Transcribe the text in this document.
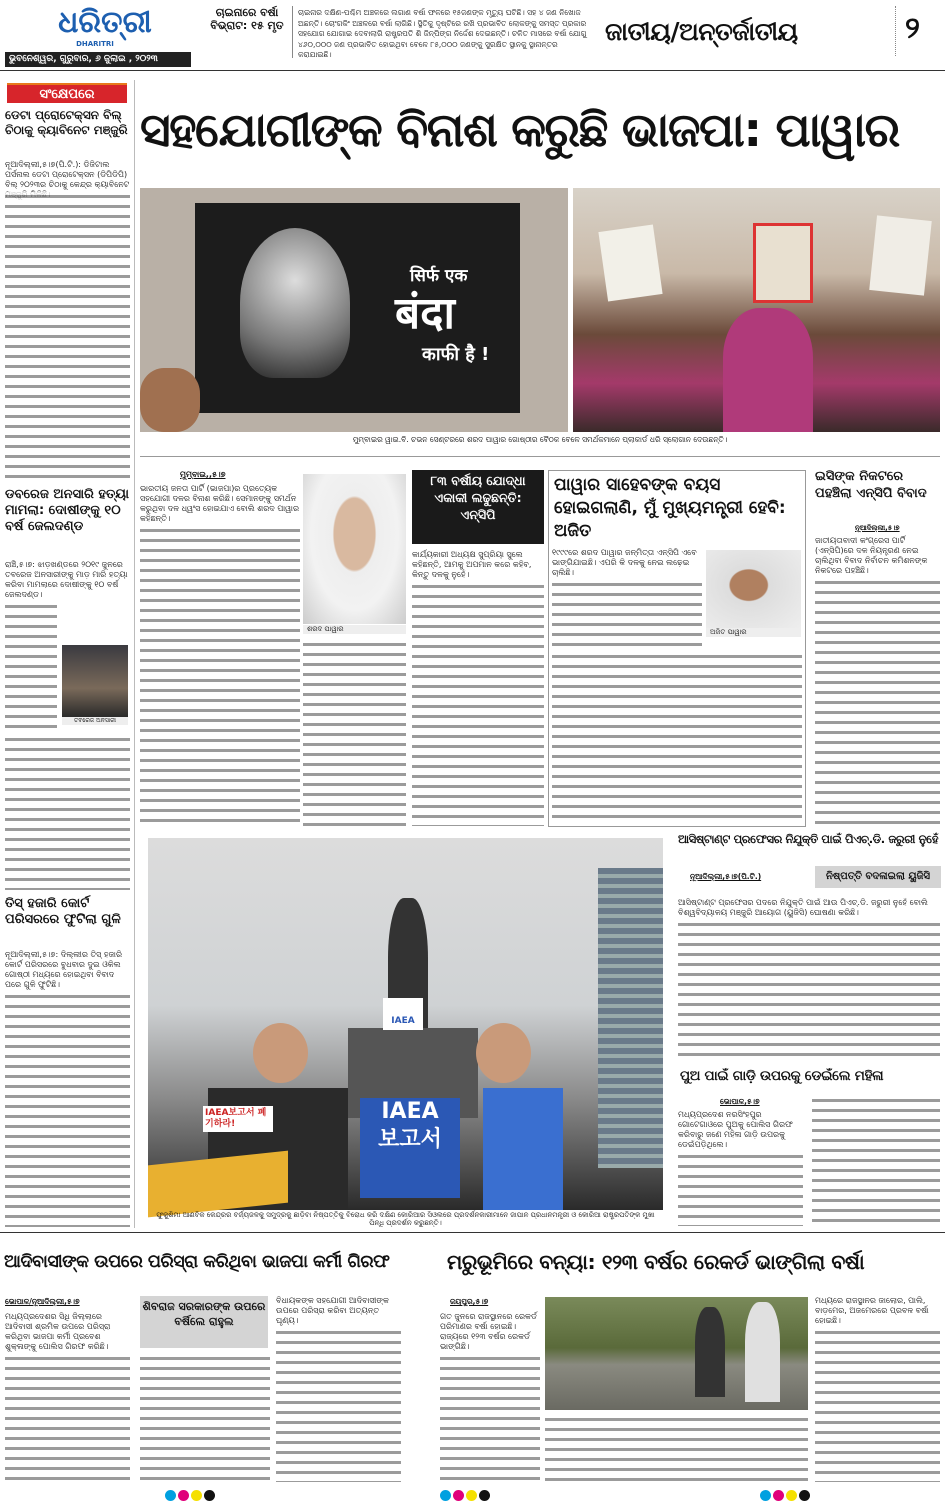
ଧରିତ୍ରୀ
DHARITRI
ଭୁବନେଶ୍ୱର, ଗୁରୁବାର, ୬ ଜୁଲାଇ , ୨୦୨୩
ଚାଇନାରେ ବର୍ଷା ବିଭ୍ରାଟ: ୧୫ ମୃତ
ଚାଇନାର ଦକ୍ଷିଣ-ପଶ୍ଚିମ ଅଞ୍ଚଳରେ ଲଗାଣ ବର୍ଷା ଫଳରେ ୧୫ଜଣଙ୍କ ମୃତ୍ୟୁ ଘଟିଛି। ସହ ୪ ଜଣ ନିଖୋଜ ଅଛନ୍ତି। ଚୋଂଗକିଂ ଅଞ୍ଚଳରେ ବର୍ଷା ଲାଗିଛି। ସ୍ଥିତିକୁ ଦୃଷ୍ଟିରେ ରଖି ପ୍ରଭାବିତ ଲୋକଙ୍କୁ ସମସ୍ତ ପ୍ରକାର ସହଯୋଗ ଯୋଗାଇ ଦେବାଲାଗି ରାଷ୍ଟ୍ରପତି ଶି ଜିନ୍‌ପିଙ୍ଗ ନିର୍ଦ୍ଦେଶ ଦେଇଛନ୍ତି। ଚଳିତ ମାସରେ ବର୍ଷା ଯୋଗୁ ୪୬୦,୦୦୦ ଜଣ ପ୍ରଭାବିତ ହୋଇଥିବା ବେଳେ ୮୫,୦୦୦ ଜଣଙ୍କୁ ସୁରକ୍ଷିତ ସ୍ଥାନକୁ ସ୍ଥାନାନ୍ତର କରାଯାଇଛି।
ଜାତୀୟ/ଅନ୍ତର୍ଜାତୀୟ	୨
ସଂକ୍ଷେପରେ
ଡେଟା ପ୍ରୋଟେକ୍ସନ ବିଲ୍‌ ଚିଠାକୁ କ୍ୟାବିନେଟ ମଞ୍ଜୁରି
ନୂଆଦିଲ୍ଲୀ,୫।୭(ପି.ଟି.): ଡିଜିଟାଲ ପର୍ସନାଲ ଡେଟା ପ୍ରୋଟେକ୍ସନ (ଡିପିଡିପି) ବିଲ୍‌ ୨୦୨୩ର ଚିଠାକୁ କେନ୍ଦ୍ର କ୍ୟାବିନେଟ
ଡବରେଜ ଅନସାରି ହତ୍ୟା ମାମଲା: ଦୋଷୀଙ୍କୁ ୧୦ ବର୍ଷ ଜେଲଦଣ୍ଡ
ରାଞ୍ଚି,୫।୭: ଝାଡ଼ଖଣ୍ଡରେ ୨୦୧୯ ଜୁନରେ ତବରେଜ ଅନସାରୀଙ୍କୁ ମାଡ଼ ମାରି ହତ୍ୟା କରିବା ମାମଲାରେ ଦୋଷୀଙ୍କୁ ୧୦ ବର୍ଷ ଜେଲଦଣ୍ଡ।
ତବରେଜ ଅନସାରୀ
ତିସ୍ ହଜାରି କୋର୍ଟ ପରିସରରେ ଫୁଟିଲା ଗୁଳି
ନୂଆଦିଲ୍ଲୀ,୫।୭: ଦିଲ୍ଲୀର ତିସ୍ ହଜାରି କୋର୍ଟ ପରିସରରେ ବୁଧବାର ଦୁଇ ଓକିଲ ଗୋଷ୍ଠୀ ମଧ୍ୟରେ ହୋଇଥିବା ବିବାଦ ପରେ ଗୁଳି ଫୁଟିଛି।
ସହଯୋଗୀଙ୍କ ବିନାଶ କରୁଛି ଭାଜପା: ପାୱାର
सिर्फ एक
बंदा
काफी है !
ମୁମ୍ବାଇର ୱାଇ.ବି. ଚଭନ ସେଣ୍ଟରରେ ଶରଦ ପାୱାର ଗୋଷ୍ଠୀର ବୈଠକ ବେଳେ ସମର୍ଥକମାନେ ପ୍ଲାକାର୍ଡ ଧରି ସ୍ଲୋଗାନ ଦେଉଛନ୍ତି।
ମୁମ୍ବାଇ,,୫।୭
ଭାରତୀୟ ଜନତା ପାର୍ଟି (ଭାଜପା)ର ପ୍ରତ୍ୟେକ ସହଯୋଗୀ ଦଳର ବିନାଶ କରିଛି। ସେମାନଙ୍କୁ ସମର୍ଥନ କରୁଥିବା ଦଳ ଧ୍ୱଂସ ହୋଇଯାଏ ବୋଲି ଶରଦ ପାୱାର କହିଛନ୍ତି।
ଶରଦ ପାୱାର
୮୩ ବର୍ଷୀୟ ଯୋଦ୍ଧା ଏକାକୀ ଲଢୁଛନ୍ତି: ଏନ୍‌ସିପି
କାର୍ଯ୍ୟକାରୀ ଅଧ୍ୟକ୍ଷ ସୁପ୍ରିୟା ସୁଲେ କହିଛନ୍ତି, ଆମକୁ ଅପମାନ କରେ କହିବ, କିନ୍ତୁ ଦଳକୁ ନୁହେଁ।
ପାୱାର ସାହେବଙ୍କ ବୟସ ହୋଇଗଲାଣି, ମୁଁ ମୁଖ୍ୟମନ୍ତ୍ରୀ ହେବି: ଅଜିତ
୧୯୯୯ରେ ଶରଦ ପାୱାର ଜନ୍ମିତ୍ତା ଏନ୍‌ସିପି ଏବେ ଭାଙ୍ଗିଯାଇଛି। ଏପରି କି ଦଳକୁ ନେଇ ଲଢ଼େଇ ଚାଲିଛି।
ଅଜିତ ପାୱାର
ଇସିଙ୍କ ନିକଟରେ ପହଞ୍ଚିଲା ଏନ୍‌ସିପି ବିବାଦ
ନୂଆଦିଲ୍ଲୀ,୫।୭
ଜାତୀୟତାବାଦୀ କଂଗ୍ରେସ ପାର୍ଟି (ଏନ୍‌ସିପି)ରେ ଦଳ ନିୟନ୍ତ୍ରଣ ନେଇ ଚାଲିଥିବା ବିବାଦ ନିର୍ବାଚନ କମିଶନଙ୍କ ନିକଟରେ ପହଞ୍ଚିଛି।
IAEA
보고서
IAEA보고서 폐기하라!
IAEA
ଫୁକୁଶିମା ଆଣବିକ କେନ୍ଦ୍ରର ବର୍ଜ୍ୟଜଳକୁ ସମୁଦ୍ରକୁ ଛାଡ଼ିବା ନିଷ୍ପତ୍ତିକୁ ବିରୋଧ କରି ଦକ୍ଷିଣ କୋରିଆର ସିଓଲରେ ପ୍ରଦର୍ଶନକାରୀମାନେ ଜାପାନ ପ୍ରଧାନମନ୍ତ୍ରୀ ଓ କୋରିଆ ରାଷ୍ଟ୍ରପତିଙ୍କ ମୁଖା ପିନ୍ଧି ପ୍ରଦର୍ଶନ କରୁଛନ୍ତି।
ଆସିଷ୍ଟାଣ୍ଟ ପ୍ରଫେସର ନିଯୁକ୍ତି ପାଇଁ ପିଏଚ୍‌.ଡି. ଜରୁରୀ ନୁହେଁ
ନୂଆଦିଲ୍ଲୀ,୫।୭(ପି.ଟି.)	ନିଷ୍ପତ୍ତି ବଦଳାଇଲା ୟୁଜିସି
ଆସିଷ୍ଟାଣ୍ଟ ପ୍ରଫେସର ପଦରେ ନିଯୁକ୍ତି ପାଇଁ ଆଉ ପିଏଚ୍‌.ଡି. ଜରୁରୀ ନୁହେଁ ବୋଲି ବିଶ୍ୱବିଦ୍ୟାଳୟ ମଞ୍ଜୁରି ଆୟୋଗ (ୟୁଜିସି) ଘୋଷଣା କରିଛି।
ପୁଅ ପାଇଁ ଗାଡ଼ି ଉପରକୁ ଡେଇଁଲେ ମହିଳା
ଭୋପାଳ,୫।୭
ମଧ୍ୟପ୍ରଦେଶ ନରସିଂହପୁର ଗୋଟେଗାଓରେ ପୁଅକୁ ପୋଲିସ ଗିରଫ କରିବାରୁ ଜଣେ ମହିଳା ଗାଡ଼ି ଉପରକୁ ଡେଇଁପଡ଼ିଥିଲେ।
ଆଦିବାସୀଙ୍କ ଉପରେ ପରିସ୍ରା କରିଥିବା ଭାଜପା କର୍ମୀ ଗିରଫ	ମରୁଭୂମିରେ ବନ୍ୟା: ୧୨୩ ବର୍ଷର ରେକର୍ଡ ଭାଙ୍ଗିଲା ବର୍ଷା
ଭୋପାଳ/ନୂଆଦିଲ୍ଲୀ,୫।୭
ମଧ୍ୟପ୍ରଦେଶର ସିଧି ଜିଲ୍ଲାରେ ଆଦିବାସୀ ଶ୍ରମିକ ଉପରେ ପରିସ୍ରା କରିଥିବା ଭାଜପା କର୍ମୀ ପ୍ରବେଶ ଶୁକ୍ଳାଙ୍କୁ ପୋଲିସ ଗିରଫ କରିଛି।
ଶିବରାଜ ସରକାରଙ୍କ ଉପରେ ବର୍ଷିଲେ ରାହୁଲ
ବିଧାୟକଙ୍କ ସହଯୋଗୀ ଆଦିବାସୀଙ୍କ ଉପରେ ପରିସ୍ରା କରିବା ଅତ୍ୟନ୍ତ ଘୃଣ୍ୟ।
ଜୟପୁର,୫।୭
ଗତ ଜୁନରେ ରାଜସ୍ଥାନରେ ରେକର୍ଡ ପରିମାଣର ବର୍ଷା ହୋଇଛି। ରାଜ୍ୟରେ ୧୨୩ ବର୍ଷର ରେକର୍ଡ ଭାଙ୍ଗିଛି।
ମଧ୍ୟରେ ରାଜସ୍ଥାନର ଜାଲୋର, ପାଲି, ବାଡ଼ମେର, ଅଜମେରରେ ପ୍ରବଳ ବର୍ଷା ହୋଇଛି।
